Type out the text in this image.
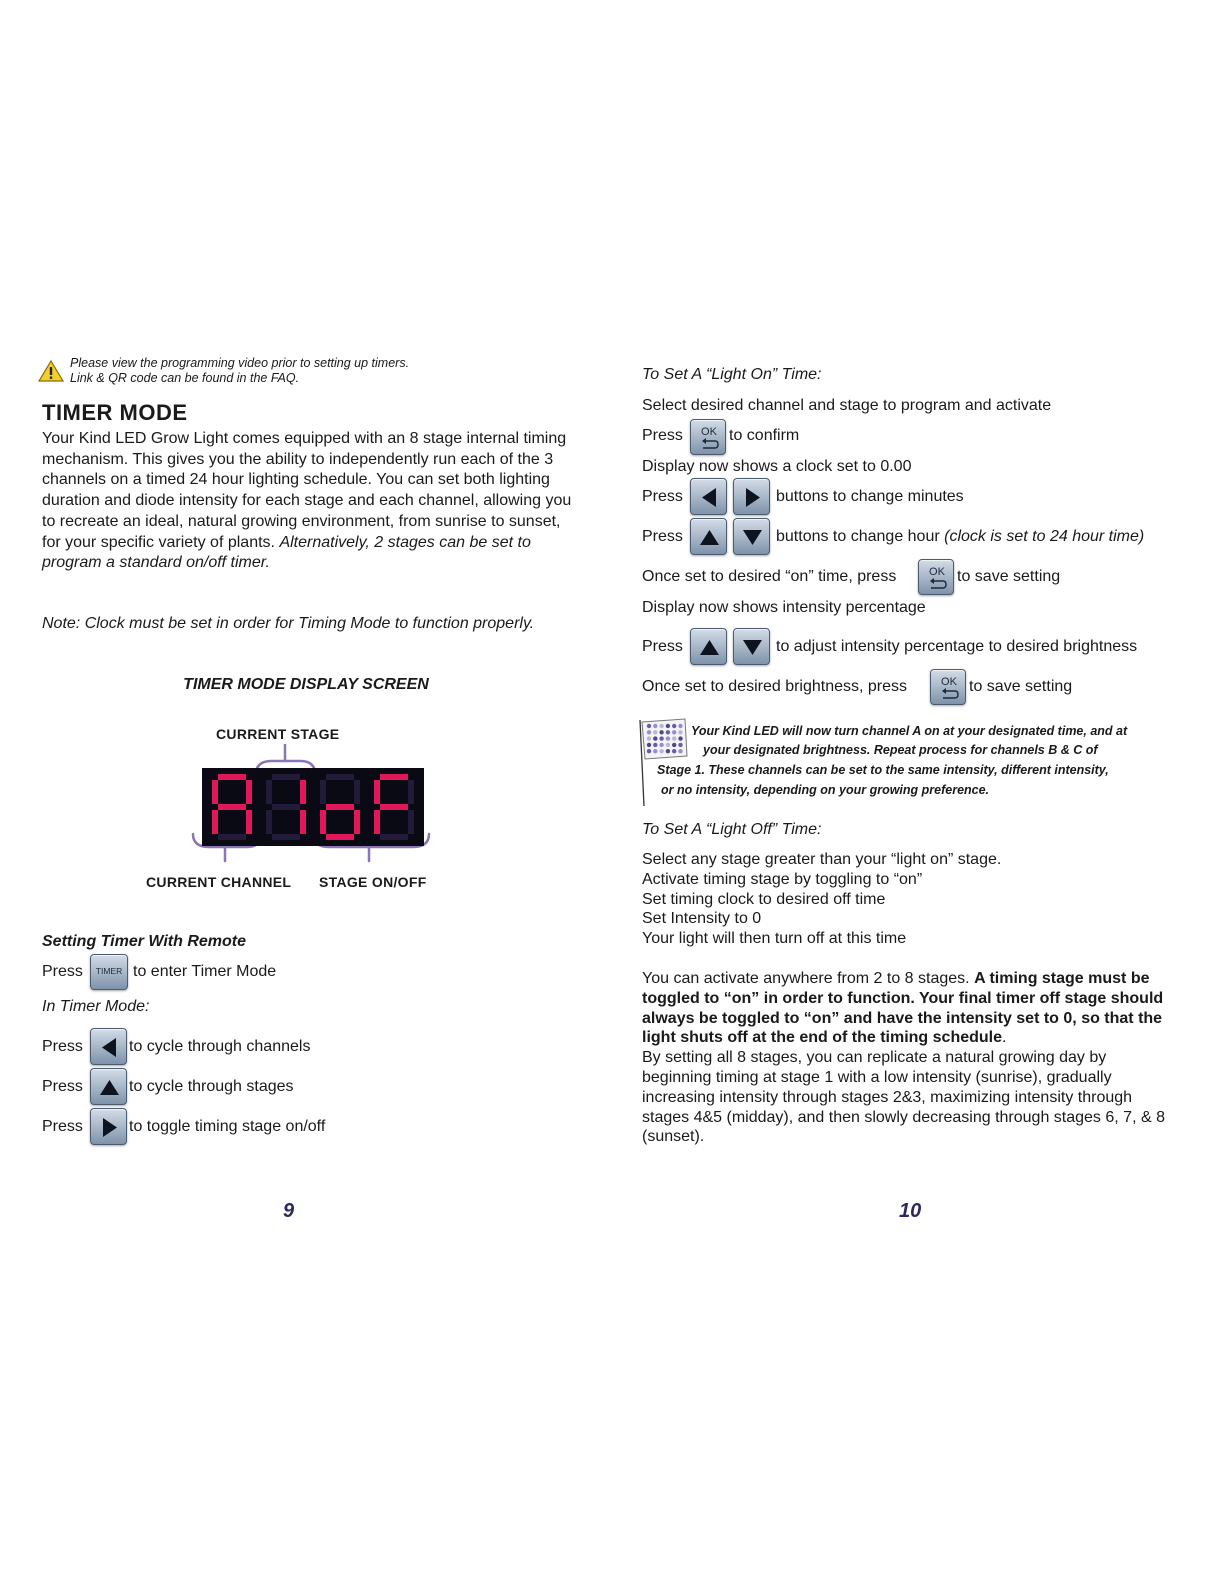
Please view the programming video prior to setting up timers.
Link & QR code can be found in the FAQ.
TIMER MODE
Your Kind LED Grow Light comes equipped with an 8 stage internal timing mechanism. This gives you the ability to independently run each of the 3 channels on a timed 24 hour lighting schedule. You can set both lighting duration and diode intensity for each stage and each channel, allowing you to recreate an ideal, natural growing environment, from sunrise to sunset, for your specific variety of plants. Alternatively, 2 stages can be set to program a standard on/off timer.
Note: Clock must be set in order for Timing Mode to function properly.
TIMER MODE DISPLAY SCREEN
CURRENT STAGE
CURRENT CHANNEL STAGE ON/OFF
Setting Timer With Remote
Press	TIMER to enter Timer Mode
In Timer Mode:
Press	to cycle through channels
Press	to cycle through stages
Press	to toggle timing stage on/off
9
To Set A “Light On” Time:
Select desired channel and stage to program and activate
Press OK to confirm
Display now shows a clock set to 0.00
Press	buttons to change minutes
Press	buttons to change hour (clock is set to 24 hour time)
Once set to desired “on” time, press	OK to save setting
Display now shows intensity percentage
Press	to adjust intensity percentage to desired brightness
Once set to desired brightness, press	OK to save setting
Your Kind LED will now turn channel A on at your designated time, and at
your designated brightness. Repeat process for channels B & C of
Stage 1. These channels can be set to the same intensity, different intensity,
or no intensity, depending on your growing preference.
To Set A “Light Off” Time:
Select any stage greater than your “light on” stage.
Activate timing stage by toggling to “on”
Set timing clock to desired off time
Set Intensity to 0
Your light will then turn off at this time
You can activate anywhere from 2 to 8 stages. A timing stage must be toggled to “on” in order to function. Your final timer off stage should always be toggled to “on” and have the intensity set to 0, so that the light shuts off at the end of the timing schedule.
By setting all 8 stages, you can replicate a natural growing day by beginning timing at stage 1 with a low intensity (sunrise), gradually increasing intensity through stages 2&3, maximizing intensity through stages 4&5 (midday), and then slowly decreasing through stages 6, 7, & 8 (sunset).
10
